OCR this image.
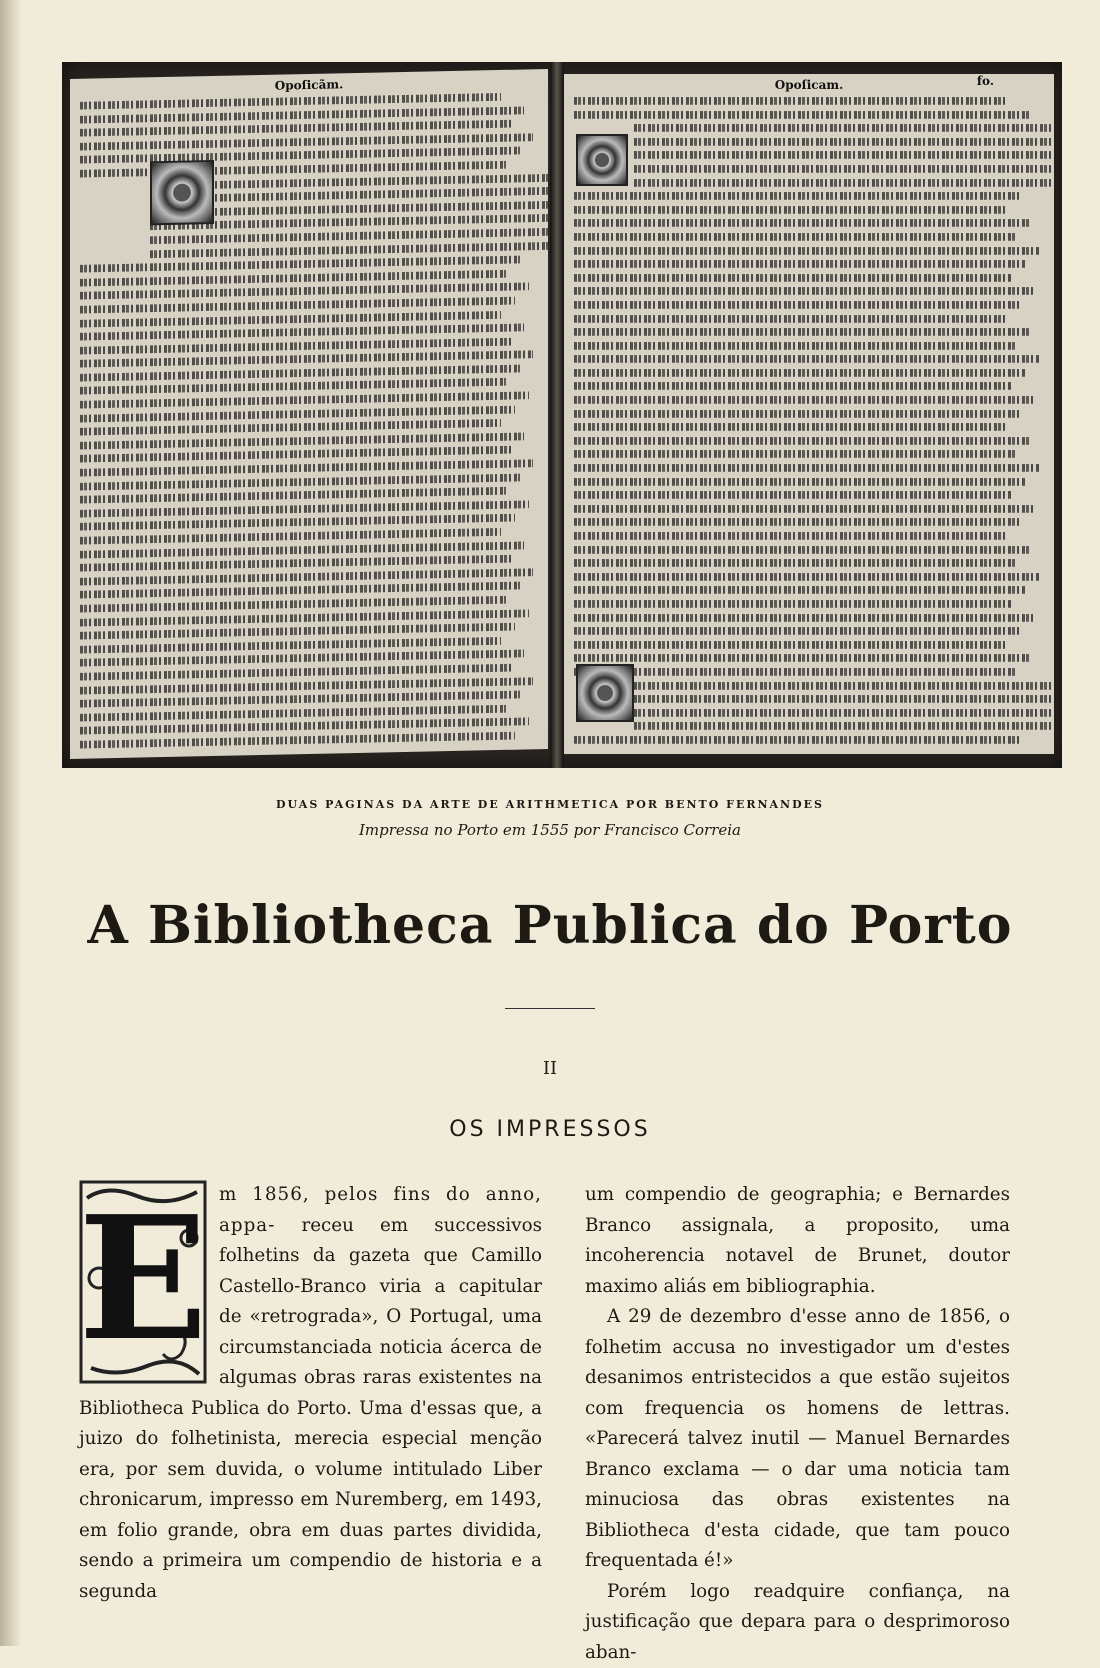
Opoſicãm.	Opoſicam.	fo.
DUAS PAGINAS DA ARTE DE ARITHMETICA POR BENTO FERNANDES
Impressa no Porto em 1555 por Francisco Correia
A Bibliotheca Publica do Porto
II
OS IMPRESSOS
E m 1856, pelos fins do anno, appa- receu em successivos folhetins da gazeta que Camillo Castello-Branco viria a capitular de «retrograda», O Portugal, uma circumstanciada noticia ácerca de algumas obras raras existentes na Bibliotheca Publica do Porto. Uma d'essas que, a juizo do folhetinista, merecia especial menção era, por sem duvida, o volume intitulado Liber chronicarum, impresso em Nuremberg, em 1493, em folio grande, obra em duas partes dividida, sendo a primeira um compendio de historia e a segunda

um compendio de geographia; e Bernardes Branco assignala, a proposito, uma incoherencia notavel de Brunet, doutor maximo aliás em bibliographia.

A 29 de dezembro d'esse anno de 1856, o folhetim accusa no investigador um d'estes desanimos entristecidos a que estão sujeitos com frequencia os homens de lettras. «Parecerá talvez inutil — Manuel Bernardes Branco exclama — o dar uma noticia tam minuciosa das obras existentes na Bibliotheca d'esta cidade, que tam pouco frequentada é!»

Porém logo readquire confiança, na justificação que depara para o desprimoroso aban-
